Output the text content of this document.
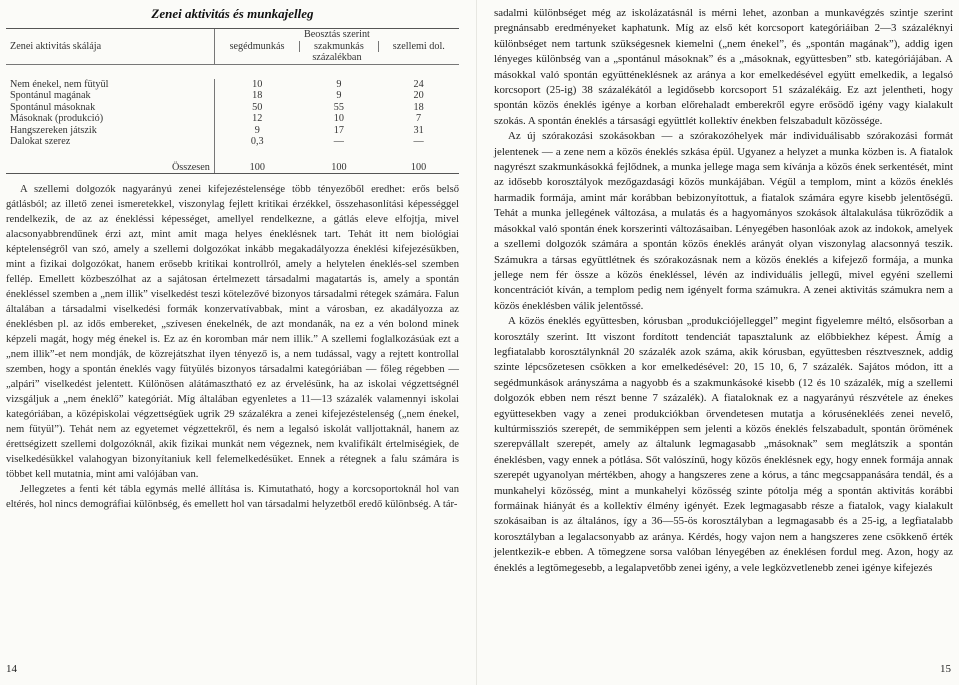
Zenei aktivitás és munkajelleg
	Beosztás szerint		
Zenei aktivitás skálája	segédmunkás	szakmunkás	szellemi dol.
	százalékban		

Nem énekel, nem fütyül	10	9	24
Spontánul magának	18	9	20
Spontánul másoknak	50	55	18
Másoknak (produkció)	12	10	7
Hangszereken játszik	9	17	31
Dalokat szerez	0,3	—	—
Összesen	100	100	100

A szellemi dolgozók nagyarányú zenei kifejezéstelensége több tényezőből eredhet: erős belső gátlásból; az illető zenei ismeretekkel, viszonylag fejlett kritikai érzékkel, összehasonlítási képességgel rendelkezik, de az az énekléssi képességet, amellyel rendelkezne, a gátlás eleve elfojtja, mivel alacsonyabbrendűnek érzi azt, mint amit maga helyes éneklésnek tart. Tehát itt nem biológiai képtelenségről van szó, amely a szellemi dolgozókat inkább megakadályozza éneklési kifejezésükben, mint a fizikai dolgozókat, hanem erősebb kritikai kontrollról, amely a helytelen éneklés-sel szemben fellép. Emellett közbeszólhat az a sajátosan értelmezett társadalmi magatartás is, amely a spontán énekléssel szemben a „nem illik” viselkedést teszi kötelezővé bizonyos társadalmi rétegek számára. Falun általában a társadalmi viselkedési formák konzervatívabbak, mint a városban, ez akadályozza az éneklésben pl. az idős embereket, „szívesen énekelnék, de azt mondanák, na ez a vén bolond minek képzeli magát, hogy még énekel is. Ez az én koromban már nem illik.” A szellemi foglalkozásúak ezt a „nem illik”-et nem mondják, de közrejátszhat ilyen tényező is, a nem tudással, vagy a rejtett kontrollal szemben, hogy a spontán éneklés vagy fütyülés bizonyos társadalmi kategóriában — főleg régebben — „alpári” viselkedést jelentett. Különösen alátámasztható ez az érvelésünk, ha az iskolai végzettségnél vizsgáljuk a „nem éneklő” kategóriát. Míg általában egyenletes a 11—13 százalék valamennyi iskolai kategóriában, a középiskolai végzettségűek ugrik 29 százalékra a zenei kifejezéstelenség („nem énekel, nem fütyül”). Tehát nem az egyetemet végzettekről, és nem a legalsó iskolát valljottaknál, hanem az érettségizett szellemi dolgozóknál, akik fizikai munkát nem végeznek, nem kvalifikált értelmiségiek, de viselkedésükkel valahogyan bizonyítaniuk kell felemelkedésüket. Ennek a rétegnek a falu számára is többet kell mutatnia, mint ami valójában van.

Jellegzetes a fenti két tábla egymás mellé állítása is. Kimutatható, hogy a korcsoportoknál hol van eltérés, hol nincs demográfiai különbség, és emellett hol van társadalmi helyzetből eredő különbség. A tár-

14

sadalmi különbséget még az iskolázatásnál is mérni lehet, azonban a munkavégzés szintje szerint pregnánsabb eredményeket kaphatunk. Míg az első két korcsoport kategóriáiban 2—3 százaléknyi különbséget nem tartunk szükségesnek kiemelni („nem énekel”, és „spontán magának”), addig igen lényeges különbség van a „spontánul másoknak” és a „másoknak, együttesben” stb. kategóriájában. A másokkal való spontán együtténeklésnek az aránya a kor emelkedésével együtt emelkedik, a legalsó korcsoport (25-ig) 38 százalékától a legidősebb korcsoport 51 százalékáig. Ez azt jelentheti, hogy spontán közös éneklés igénye a korban előrehaladt emberekről egyre erősödő igény vagy kialakult szokás. A spontán éneklés a társasági együttlét kollektív énekben felszabadult közössége.

Az új szórakozási szokásokban — a szórakozóhelyek már individuálisabb szórakozási formát jelentenek — a zene nem a közös éneklés szkása épül. Ugyanez a helyzet a munka közben is. A fiatalok nagyrészt szakmunkásokká fejlődnek, a munka jellege maga sem kívánja a közös ének serkentését, mint az idősebb korosztályok mezőgazdasági közös munkájában. Végül a templom, mint a közös éneklés harmadik formája, amint már korábban bebizonyítottuk, a fiatalok számára egyre kisebb jelentőségű. Tehát a munka jellegének változása, a mulatás és a hagyományos szokások általakulása tükröződik a másokkal való spontán ének korszerinti változásaiban. Lényegében hasonlóak azok az indokok, amelyek a szellemi dolgozók számára a spontán közös éneklés arányát olyan viszonylag alacsonnyá teszik. Számukra a társas együttlétnek és szórakozásnak nem a közös éneklés a kifejező formája, a munka jellege nem fér össze a közös énekléssel, lévén az individuális jellegű, mivel egyéni szellemi koncentrációt kíván, a templom pedig nem igényelt forma számukra. A zenei aktivitás számukra nem a közös éneklésben válik jelentőssé.

A közös éneklés együttesben, kórusban „produkciójelleggel” megint figyelemre méltó, elsősorban a korosztály szerint. Itt viszont fordított tendenciát tapasztalunk az előbbiekhez képest. Ámíg a legfiatalabb korosztálynknál 20 százalék azok száma, akik kórusban, együttesben résztvesznek, addig szinte lépcsőzetesen csökken a kor emelkedésével: 20, 15 10, 6, 7 százalék. Sajátos módon, itt a segédmunkások arányszáma a nagyobb és a szakmunkásoké kisebb (12 és 10 százalék, míg a szellemi dolgozók ebben nem részt benne 7 százalék). A fiataloknak ez a nagyarányú részvétele az énekes együttesekben vagy a zenei produkciókban örvendetesen mutatja a kórusénekléés zenei nevelő, kultúrmissziós szerepét, de semmiképpen sem jelenti a közös éneklés felszabadult, spontán örömének szerepvállalt szerepét, amely az általunk legmagasabb „másoknak” sem meglátszik a spontán éneklésben, vagy ennek a pótlása. Sőt valószínű, hogy közös éneklésnek egy, hogy ennek formája annak szerepét ugyanolyan mértékben, ahogy a hangszeres zene a kórus, a tánc megcsappanására tendál, és a munkahelyi közösség, mint a munkahelyi közösség szinte pótolja még a spontán aktivitás korábbi formáinak hiányát és a kollektív élmény igényét. Ezek legmagasabb része a fiatalok, vagy kialakult szokásaiban is az általános, így a 36—55-ös korosztályban a legmagasabb és a 25-ig, a legfiatalabb korosztályban a legalacsonyabb az aránya. Kérdés, hogy vajon nem a hangszeres zene csökkenő érték jelentkezik-e ebben. A tömegzene sorsa valóban lényegében az éneklésen fordul meg. Azon, hogy az éneklés a legtömegesebb, a legalapvetőbb zenei igény, a vele legközvetlenebb zenei igénye kifejezés

15
